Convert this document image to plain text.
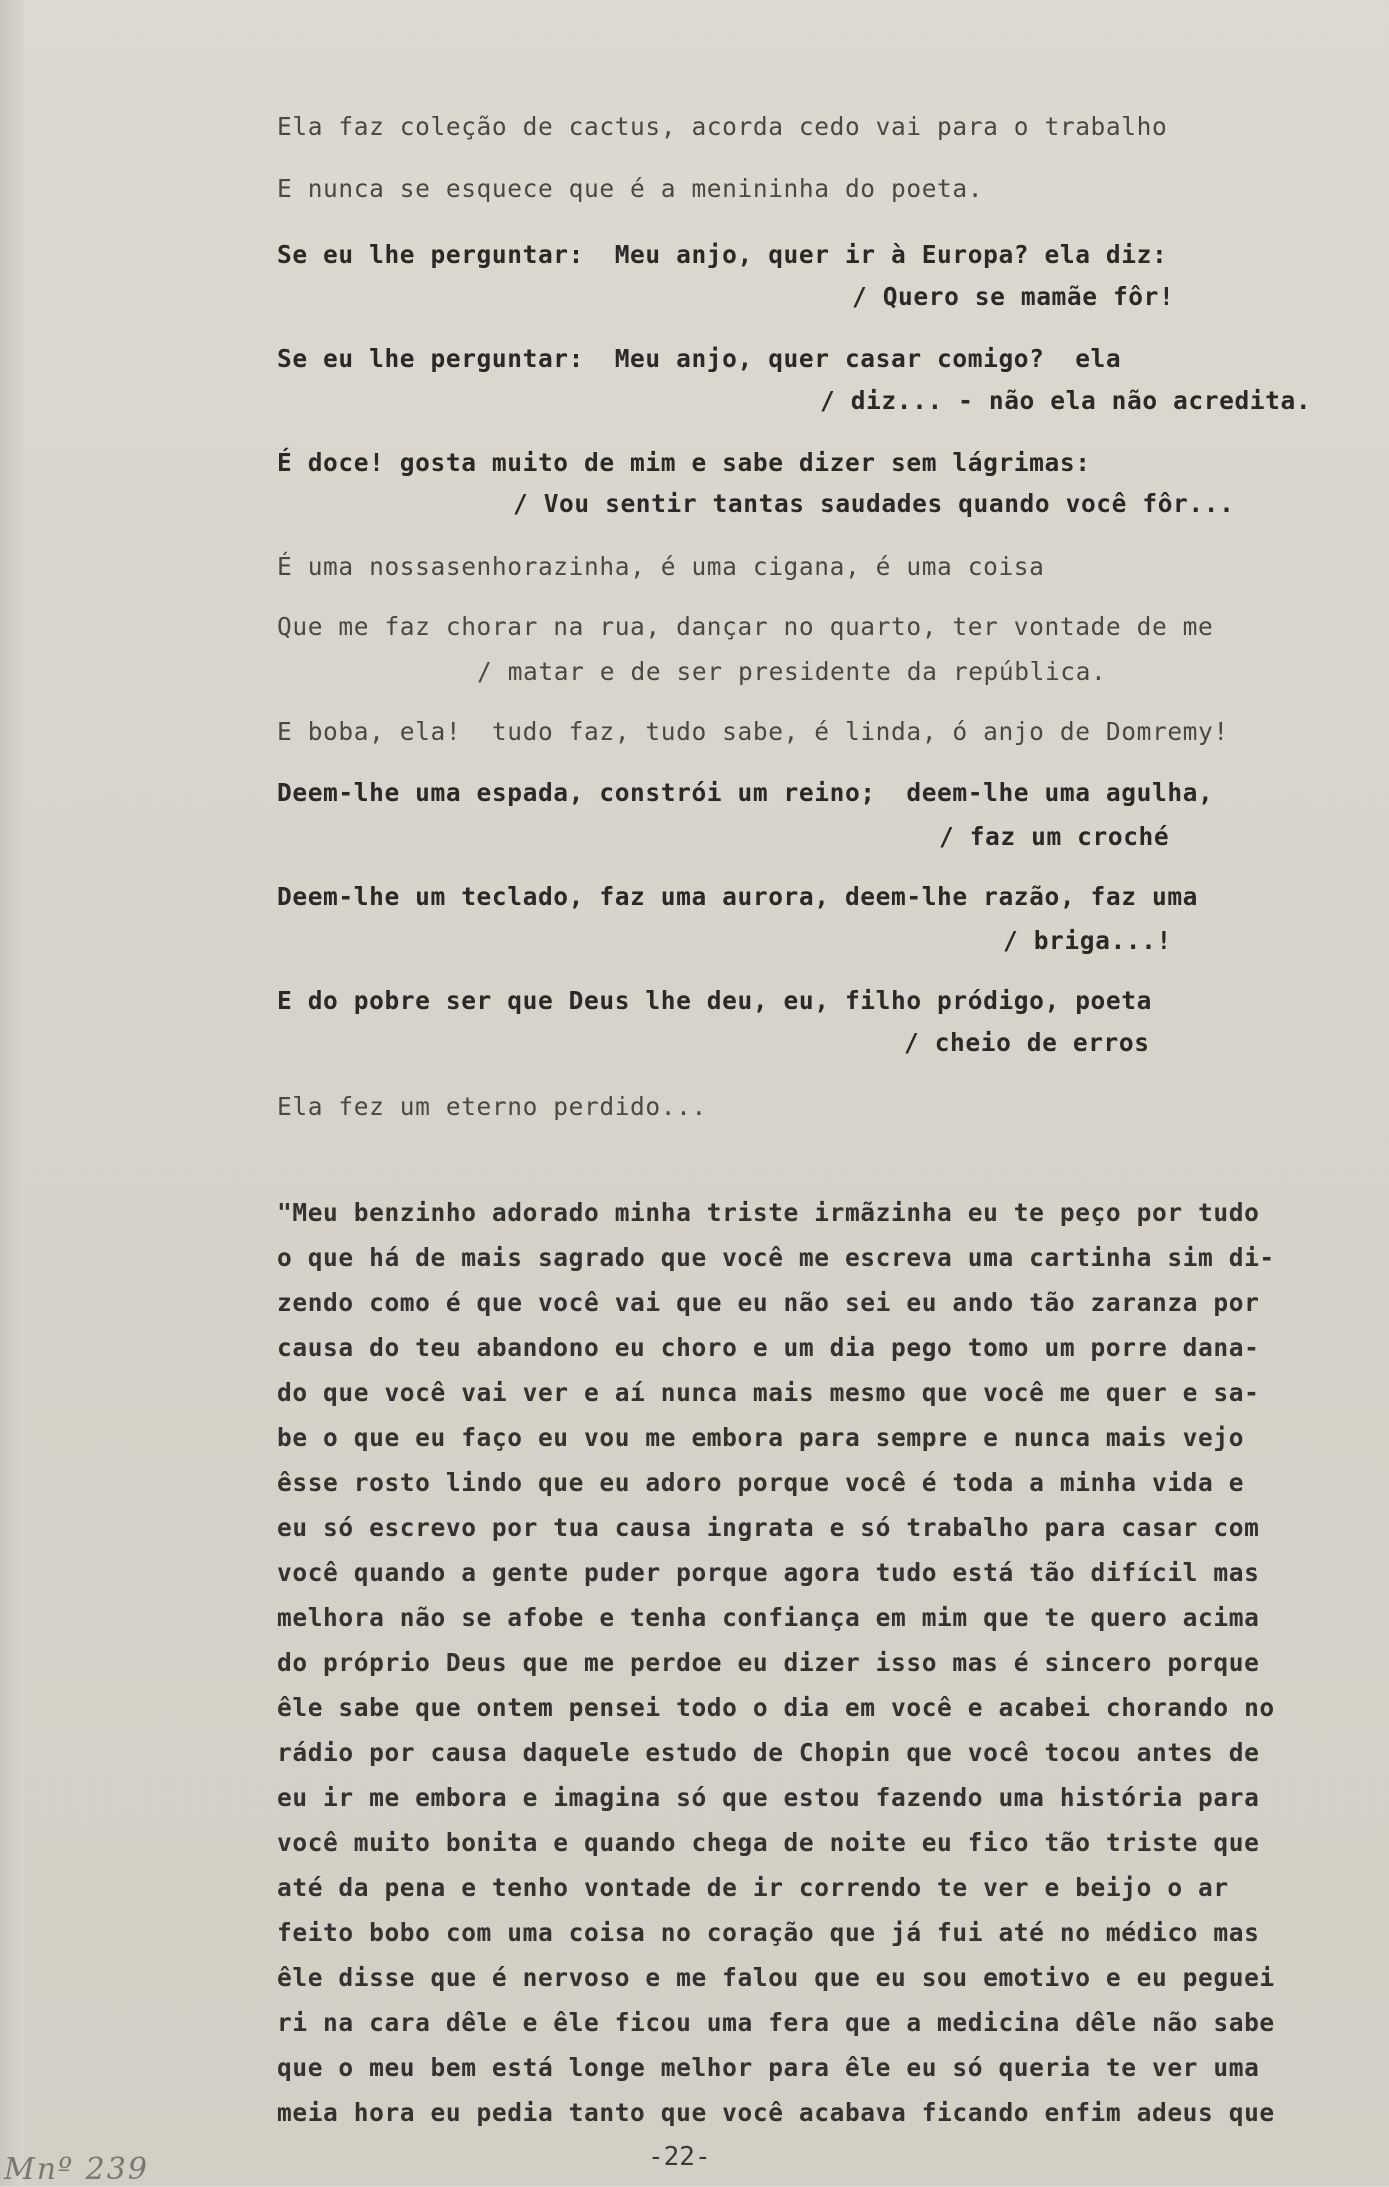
Ela faz coleção de cactus, acorda cedo vai para o trabalho
E nunca se esquece que é a menininha do poeta.
Se eu lhe perguntar:  Meu anjo, quer ir à Europa? ela diz:
/ Quero se mamãe fôr!
Se eu lhe perguntar:  Meu anjo, quer casar comigo?  ela
/ diz... - não ela não acredita.
É doce! gosta muito de mim e sabe dizer sem lágrimas:
/ Vou sentir tantas saudades quando você fôr...
É uma nossasenhorazinha, é uma cigana, é uma coisa
Que me faz chorar na rua, dançar no quarto, ter vontade de me
/ matar e de ser presidente da república.
E boba, ela!  tudo faz, tudo sabe, é linda, ó anjo de Domremy!
Deem-lhe uma espada, constrói um reino;  deem-lhe uma agulha,
/ faz um croché
Deem-lhe um teclado, faz uma aurora, deem-lhe razão, faz uma
/ briga...!
E do pobre ser que Deus lhe deu, eu, filho pródigo, poeta
/ cheio de erros
Ela fez um eterno perdido...
"Meu benzinho adorado minha triste irmãzinha eu te peço por tudo
o que há de mais sagrado que você me escreva uma cartinha sim di-
zendo como é que você vai que eu não sei eu ando tão zaranza por
causa do teu abandono eu choro e um dia pego tomo um porre dana-
do que você vai ver e aí nunca mais mesmo que você me quer e sa-
be o que eu faço eu vou me embora para sempre e nunca mais vejo
êsse rosto lindo que eu adoro porque você é toda a minha vida e
eu só escrevo por tua causa ingrata e só trabalho para casar com
você quando a gente puder porque agora tudo está tão difícil mas
melhora não se afobe e tenha confiança em mim que te quero acima
do próprio Deus que me perdoe eu dizer isso mas é sincero porque
êle sabe que ontem pensei todo o dia em você e acabei chorando no
rádio por causa daquele estudo de Chopin que você tocou antes de
eu ir me embora e imagina só que estou fazendo uma história para
você muito bonita e quando chega de noite eu fico tão triste que
até da pena e tenho vontade de ir correndo te ver e beijo o ar
feito bobo com uma coisa no coração que já fui até no médico mas
êle disse que é nervoso e me falou que eu sou emotivo e eu peguei
ri na cara dêle e êle ficou uma fera que a medicina dêle não sabe
que o meu bem está longe melhor para êle eu só queria te ver uma
meia hora eu pedia tanto que você acabava ficando enfim adeus que
-22-
Mnº 239
